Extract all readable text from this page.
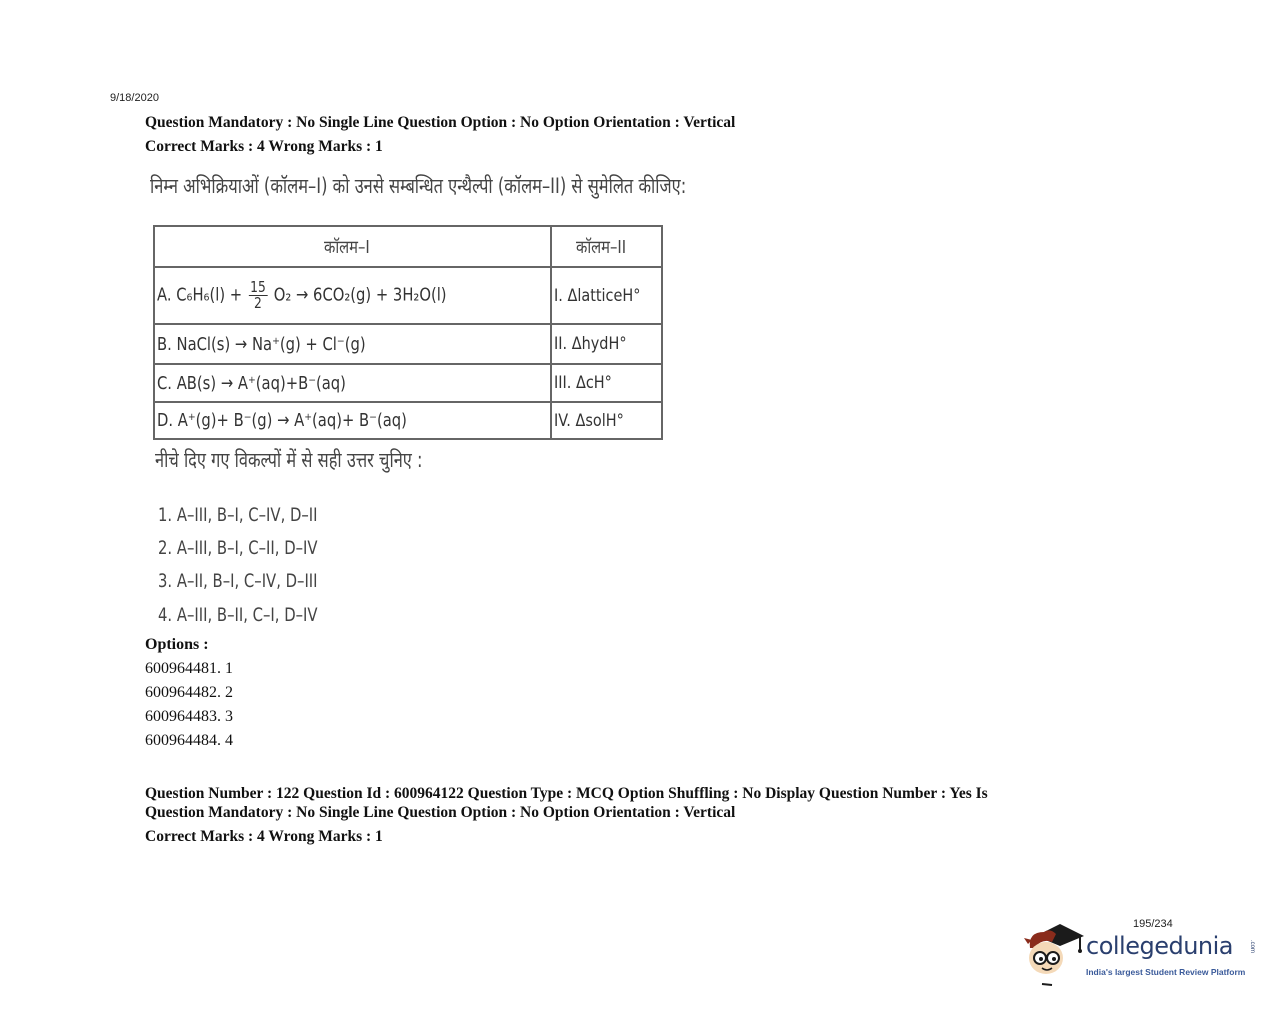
9/18/2020
Question Mandatory : No Single Line Question Option : No Option Orientation : Vertical
Correct Marks : 4 Wrong Marks : 1
निम्न अभिक्रियाओं (कॉलम–I) को उनसे सम्बन्धित एन्थैल्पी (कॉलम–II) से सुमेलित कीजिए:
कॉलम–I	कॉलम–II
A. $C_6H_6(l) + \frac{15}{2} O_2 \to 6CO_2(g) + 3H_2O(l)$	I. ΔlatticeH°
B. NaCl(s) → Na⁺(g) + Cl⁻(g)	II. ΔhydH°
C. AB(s) → A⁺(aq)+B⁻(aq)	III. ΔcH°
D. A⁺(g)+ B⁻(g) → A⁺(aq)+ B⁻(aq)	IV. ΔsolH°
नीचे दिए गए विकल्पों में से सही उत्तर चुनिए :
1. A–III, B–I, C–IV, D–II
2. A–III, B–I, C–II, D–IV
3. A–II, B–I, C–IV, D–III
4. A–III, B–II, C–I, D–IV
Options :
600964481. 1
600964482. 2
600964483. 3
600964484. 4
Question Number : 122 Question Id : 600964122 Question Type : MCQ Option Shuffling : No Display Question Number : Yes Is
Question Mandatory : No Single Line Question Option : No Option Orientation : Vertical
Correct Marks : 4 Wrong Marks : 1
195/234
collegedunia	.com
India's largest Student Review Platform
